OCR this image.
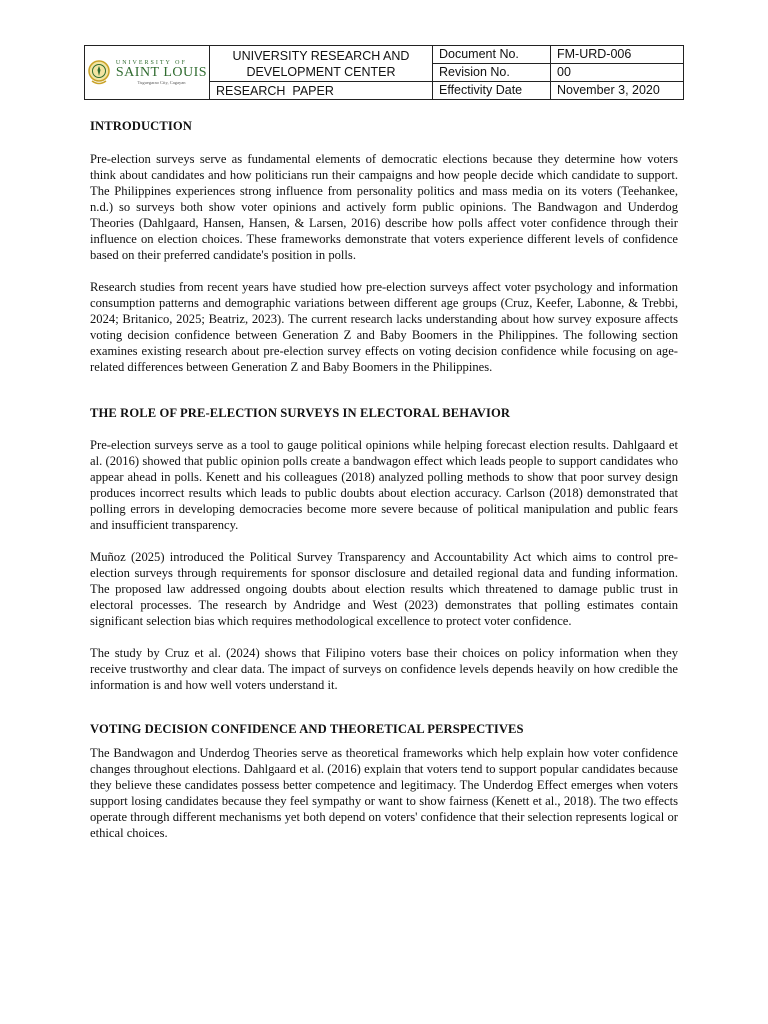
UNIVERSITY OF
SAINT LOUIS
Tuguegarao City, Cagayan	UNIVERSITY RESEARCH AND DEVELOPMENT CENTER	Document No.	FM-URD-006
		Revision No.	00
	RESEARCH  PAPER	Effectivity Date	November 3, 2020
INTRODUCTION

Pre-election surveys serve as fundamental elements of democratic elections because they determine how voters think about candidates and how politicians run their campaigns and how people decide which candidate to support. The Philippines experiences strong influence from personality politics and mass media on its voters (Teehankee, n.d.) so surveys both show voter opinions and actively form public opinions. The Bandwagon and Underdog Theories (Dahlgaard, Hansen, Hansen, & Larsen, 2016) describe how polls affect voter confidence through their influence on election choices. These frameworks demonstrate that voters experience different levels of confidence based on their preferred candidate's position in polls.

Research studies from recent years have studied how pre-election surveys affect voter psychology and information consumption patterns and demographic variations between different age groups (Cruz, Keefer, Labonne, & Trebbi, 2024; Britanico, 2025; Beatriz, 2023). The current research lacks understanding about how survey exposure affects voting decision confidence between Generation Z and Baby Boomers in the Philippines. The following section examines existing research about pre-election survey effects on voting decision confidence while focusing on age-related differences between Generation Z and Baby Boomers in the Philippines.

THE ROLE OF PRE-ELECTION SURVEYS IN ELECTORAL BEHAVIOR

Pre-election surveys serve as a tool to gauge political opinions while helping forecast election results. Dahlgaard et al. (2016) showed that public opinion polls create a bandwagon effect which leads people to support candidates who appear ahead in polls. Kenett and his colleagues (2018) analyzed polling methods to show that poor survey design produces incorrect results which leads to public doubts about election accuracy. Carlson (2018) demonstrated that polling errors in developing democracies become more severe because of political manipulation and public fears and insufficient transparency.

Muñoz (2025) introduced the Political Survey Transparency and Accountability Act which aims to control pre-election surveys through requirements for sponsor disclosure and detailed regional data and funding information. The proposed law addressed ongoing doubts about election results which threatened to damage public trust in electoral processes. The research by Andridge and West (2023) demonstrates that polling estimates contain significant selection bias which requires methodological excellence to protect voter confidence.

The study by Cruz et al. (2024) shows that Filipino voters base their choices on policy information when they receive trustworthy and clear data. The impact of surveys on confidence levels depends heavily on how credible the information is and how well voters understand it.

VOTING DECISION CONFIDENCE AND THEORETICAL PERSPECTIVES

The Bandwagon and Underdog Theories serve as theoretical frameworks which help explain how voter confidence changes throughout elections. Dahlgaard et al. (2016) explain that voters tend to support popular candidates because they believe these candidates possess better competence and legitimacy. The Underdog Effect emerges when voters support losing candidates because they feel sympathy or want to show fairness (Kenett et al., 2018). The two effects operate through different mechanisms yet both depend on voters' confidence that their selection represents logical or ethical choices.
